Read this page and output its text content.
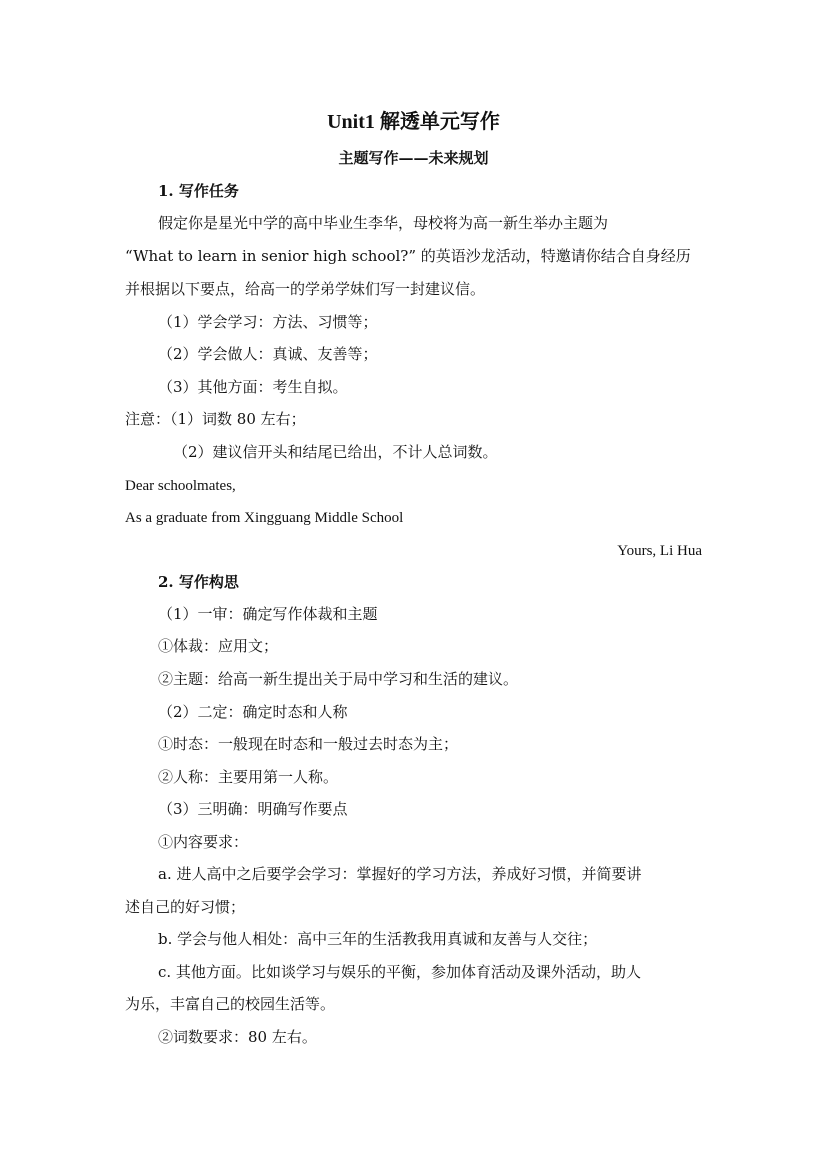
Unit1 解透单元写作
主题写作——未来规划
1. 写作任务
假定你是星光中学的高中毕业生李华，母校将为高一新生举办主题为
“What to learn in senior high school?” 的英语沙龙活动，特邀请你结合自身经历
并根据以下要点，给高一的学弟学妹们写一封建议信。
（1）学会学习：方法、习惯等；
（2）学会做人：真诚、友善等；
（3）其他方面：考生自拟。
注意：（1）词数 80 左右；
（2）建议信开头和结尾已给出，不计人总词数。
Dear schoolmates,
As a graduate from Xingguang Middle School
Yours, Li Hua
2. 写作构思
（1）一审：确定写作体裁和主题
①体裁：应用文；
②主题：给高一新生提出关于局中学习和生活的建议。
（2）二定：确定时态和人称
①时态：一般现在时态和一般过去时态为主；
②人称：主要用第一人称。
（3）三明确：明确写作要点
①内容要求：
a. 进人高中之后要学会学习：掌握好的学习方法，养成好习惯，并简要讲
述自己的好习惯；
b. 学会与他人相处：高中三年的生活教我用真诚和友善与人交往；
c. 其他方面。比如谈学习与娱乐的平衡，参加体育活动及课外活动，助人
为乐，丰富自己的校园生活等。
②词数要求：80 左右。
